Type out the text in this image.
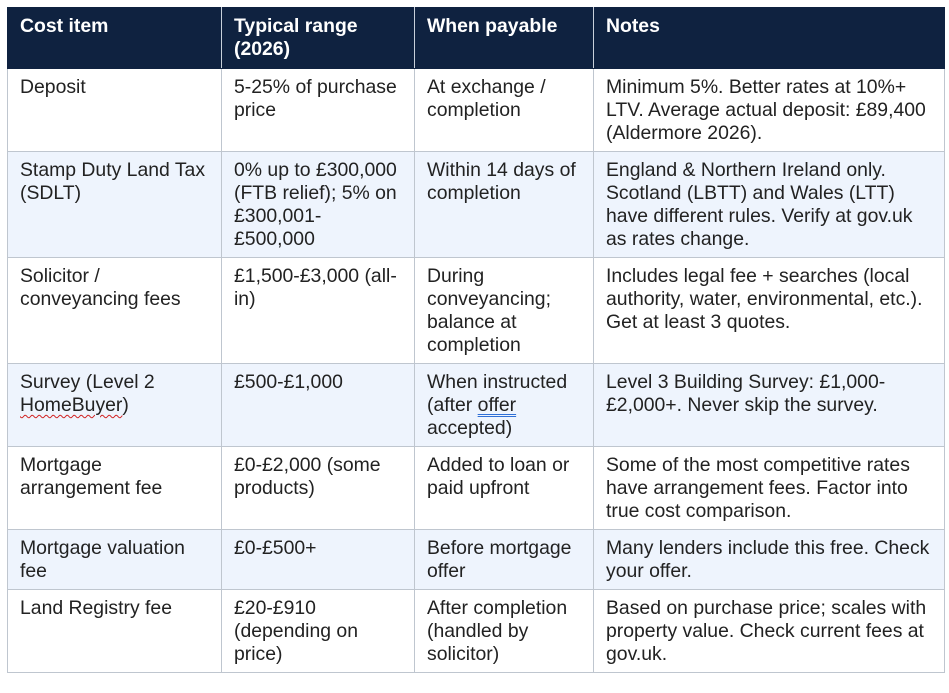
Cost item	Typical range (2026)	When payable	Notes
Deposit	5-25% of purchase price	At exchange / completion	Minimum 5%. Better rates at 10%+ LTV. Average actual deposit: £89,400 (Aldermore 2026).
Stamp Duty Land Tax (SDLT)	0% up to £300,000 (FTB relief); 5% on £300,001-£500,000	Within 14 days of completion	England & Northern Ireland only. Scotland (LBTT) and Wales (LTT) have different rules. Verify at gov.uk as rates change.
Solicitor / conveyancing fees	£1,500-£3,000 (all-in)	During conveyancing; balance at completion	Includes legal fee + searches (local authority, water, environmental, etc.). Get at least 3 quotes.
Survey (Level 2 HomeBuyer)	£500-£1,000	When instructed (after offer accepted)	Level 3 Building Survey: £1,000-£2,000+. Never skip the survey.
Mortgage arrangement fee	£0-£2,000 (some products)	Added to loan or paid upfront	Some of the most competitive rates have arrangement fees. Factor into true cost comparison.
Mortgage valuation fee	£0-£500+	Before mortgage offer	Many lenders include this free. Check your offer.
Land Registry fee	£20-£910 (depending on price)	After completion (handled by solicitor)	Based on purchase price; scales with property value. Check current fees at gov.uk.
